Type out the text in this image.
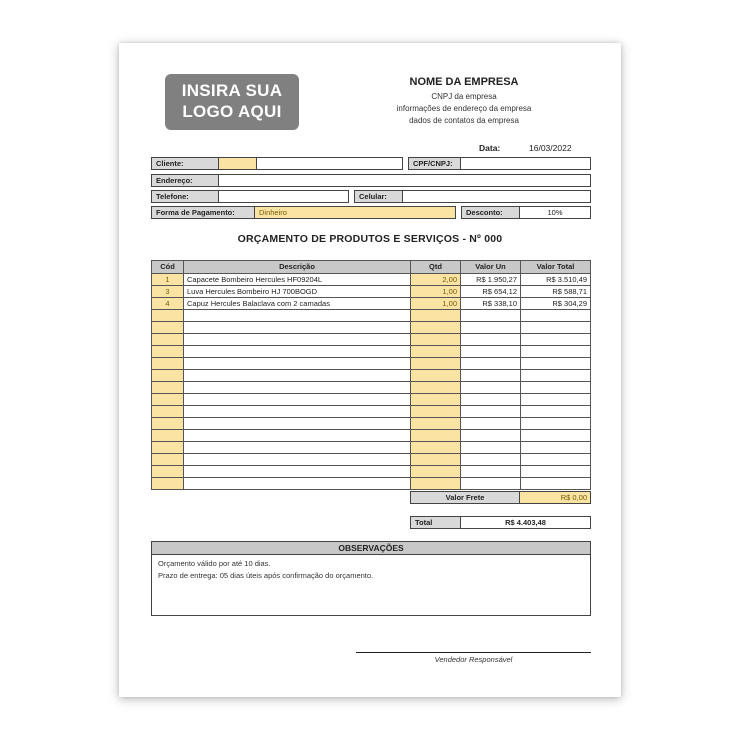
INSIRA SUA
LOGO AQUI
NOME DA EMPRESA
CNPJ da empresa
informações de endereço da empresa
dados de contatos da empresa
Data:	16/03/2022
Cliente:	CPF/CNPJ:
Endereço:
Telefone:	Celular:
Forma de Pagamento:	Dinheiro	Desconto:	10%
ORÇAMENTO DE PRODUTOS E SERVIÇOS - Nº 000
Cód	Descrição	Qtd	Valor Un	Valor Total
1	Capacete Bombeiro Hercules HF09204L	2,00	R$ 1.950,27	R$ 3.510,49
3	Luva Hercules Bombeiro HJ 700BOGD	1,00	R$ 654,12	R$ 588,71
4	Capuz Hercules Balaclava com 2 camadas	1,00	R$ 338,10	R$ 304,29

Valor Frete	R$ 0,00
Total	R$ 4.403,48
OBSERVAÇÕES
Orçamento válido por até 10 dias.
Prazo de entrega: 05 dias úteis após confirmação do orçamento.
Vendedor Responsável
